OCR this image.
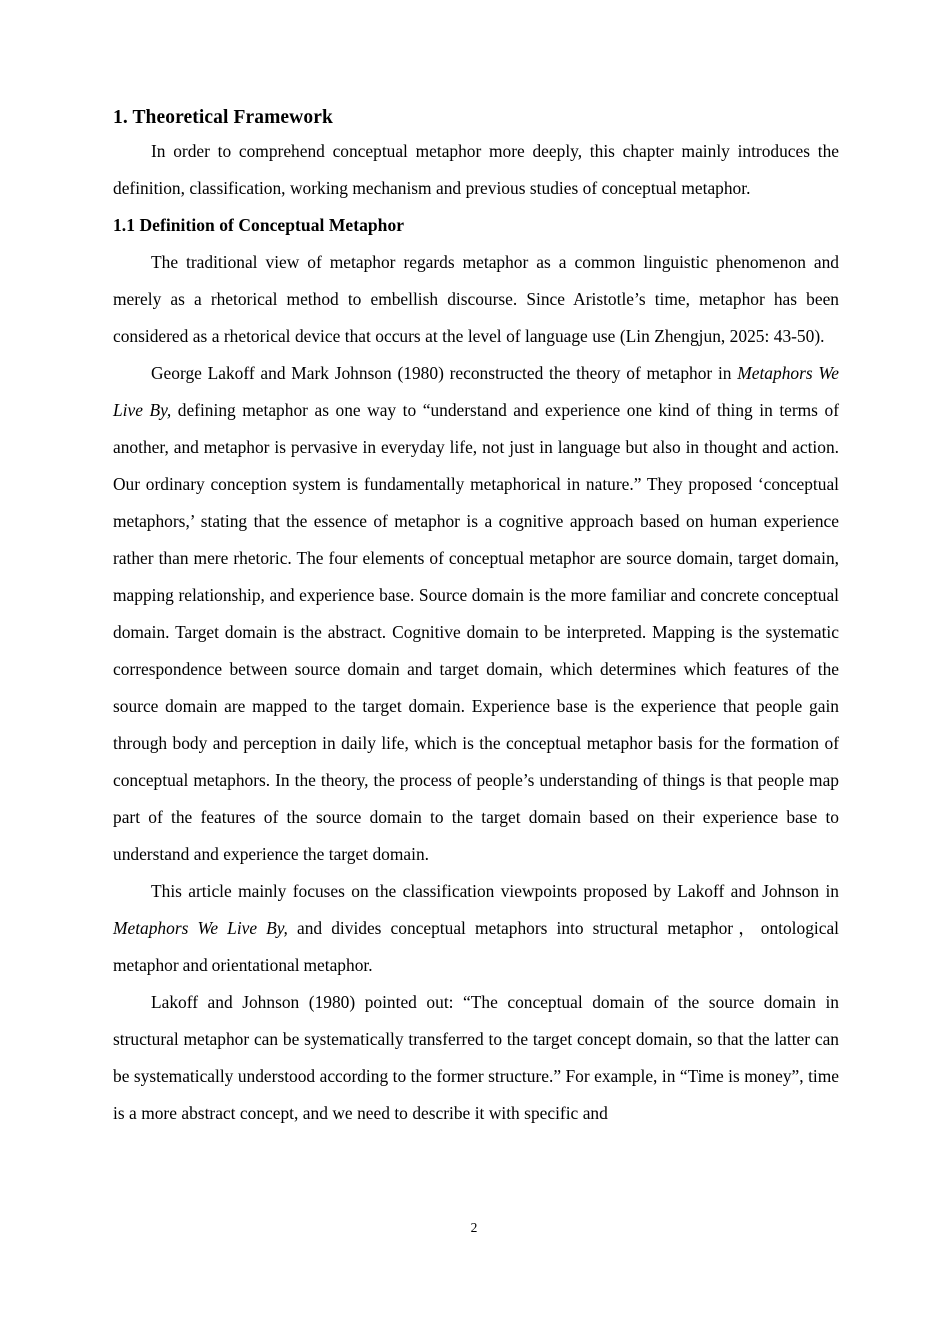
1. Theoretical Framework

In order to comprehend conceptual metaphor more deeply, this chapter mainly introduces the definition, classification, working mechanism and previous studies of conceptual metaphor.

1.1 Definition of Conceptual Metaphor

The traditional view of metaphor regards metaphor as a common linguistic phenomenon and merely as a rhetorical method to embellish discourse. Since Aristotle’s time, metaphor has been considered as a rhetorical device that occurs at the level of language use (Lin Zhengjun, 2025: 43-50).

George Lakoff and Mark Johnson (1980) reconstructed the theory of metaphor in Metaphors We Live By, defining metaphor as one way to “understand and experience one kind of thing in terms of another, and metaphor is pervasive in everyday life, not just in language but also in thought and action. Our ordinary conception system is fundamentally metaphorical in nature.” They proposed ‘conceptual metaphors,’ stating that the essence of metaphor is a cognitive approach based on human experience rather than mere rhetoric. The four elements of conceptual metaphor are source domain, target domain, mapping relationship, and experience base. Source domain is the more familiar and concrete conceptual domain. Target domain is the abstract. Cognitive domain to be interpreted. Mapping is the systematic correspondence between source domain and target domain, which determines which features of the source domain are mapped to the target domain. Experience base is the experience that people gain through body and perception in daily life, which is the conceptual metaphor basis for the formation of conceptual metaphors. In the theory, the process of people’s understanding of things is that people map part of the features of the source domain to the target domain based on their experience base to understand and experience the target domain.

This article mainly focuses on the classification viewpoints proposed by Lakoff and Johnson in Metaphors We Live By, and divides conceptual metaphors into structural metaphor，ontological metaphor and orientational metaphor.

Lakoff and Johnson (1980) pointed out: “The conceptual domain of the source domain in structural metaphor can be systematically transferred to the target concept domain, so that the latter can be systematically understood according to the former structure.” For example, in “Time is money”, time is a more abstract concept, and we need to describe it with specific and

2
